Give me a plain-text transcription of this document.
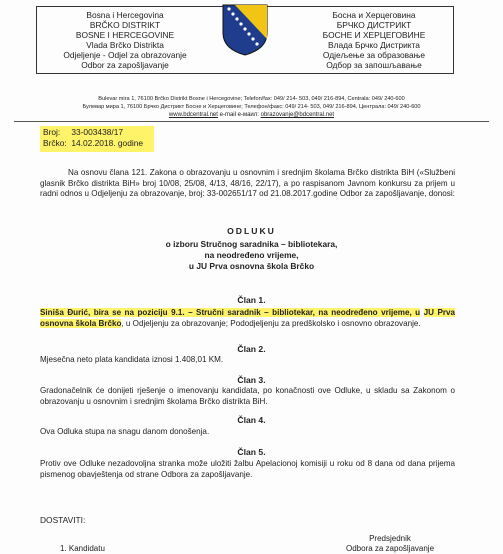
Bosna i Hercegovina
BRČKO DISTRIKT
BOSNE I HERCEGOVINE
Vlada Brčko Distrikta
Odjeljenje - Odjel za obrazovanje
Odbor za zapošljavanje
Босна и Херцеговина
БРЧКО ДИСТРИКТ
БОСНЕ И ХЕРЦЕГОВИНЕ
Влада Брчко Дистрикта
Одјељење за образовање
Одбор за запошљавање
Bulevar mira 1, 76100 Brčko Distrikt Bosne i Hercegovine; Telefon/fax: 049/ 214- 503, 049/ 216-894, Centrala: 049/ 240-600
Булевар мира 1, 76100 Брчко Дистрикт Босне и Херцеговине; Телефон/факс: 049/ 214- 503, 049/ 216-894, Централа: 049/ 240-600
www.bdcentral.net e-mail e-маил: obrazovanje@bdcentral.net
Broj: 33-003438/17
Brčko: 14.02.2018. godine
Na osnovu člana 121. Zakona o obrazovanju u osnovnim i srednjim školama Brčko distrikta BiH («Službeni glasnik Brčko distrikta BiH» broj 10/08, 25/08, 4/13, 48/16, 22/17), a po raspisanom Javnom konkursu za prijem u radni odnos u Odjeljenju za obrazovanje, broj: 33-002651/17 od 21.08.2017.godine Odbor za zapošljavanje, donosi:
ODLUKU
o izboru Stručnog saradnika – bibliotekara,
na neodređeno vrijeme,
u JU Prva osnovna škola Brčko
Član 1.
Siniša Đurić, bira se na poziciju 9.1. – Stručni saradnik – bibliotekar, na neodređeno vrijeme, u JU Prva osnovna škola Brčko, u Odjeljenju za obrazovanje; Pododjeljenju za predškolsko i osnovno obrazovanje.
Član 2.
Mjesečna neto plata kandidata iznosi 1.408,01 KM.
Član 3.
Gradonačelnik će donijeti rješenje o imenovanju kandidata, po konačnosti ove Odluke, u skladu sa Zakonom o obrazovanju u osnovnim i srednjim školama Brčko distrikta BiH.
Član 4.
Ova Odluka stupa na snagu danom donošenja.
Član 5.
Protiv ove Odluke nezadovoljna stranka može uložiti žalbu Apelacionoj komisiji u roku od 8 dana od dana prijema pismenog obavještenja od strane Odbora za zapošljavanje.
DOSTAVITI:
1. Kandidatu
Predsjednik
Odbora za zapošljavanje
